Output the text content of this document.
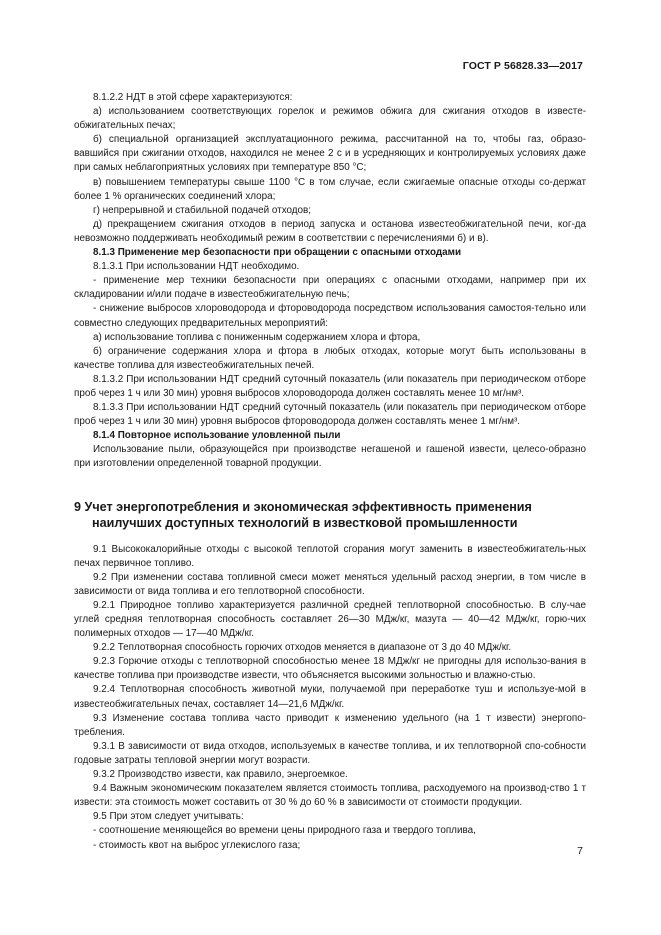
ГОСТ Р 56828.33—2017

8.1.2.2 НДТ в этой сфере характеризуются:

а) использованием соответствующих горелок и режимов обжига для сжигания отходов в известе-обжигательных печах;

б) специальной организацией эксплуатационного режима, рассчитанной на то, чтобы газ, образо-вавшийся при сжигании отходов, находился не менее 2 с и в усредняющих и контролируемых условиях даже при самых неблагоприятных условиях при температуре 850 °С;

в) повышением температуры свыше 1100 °С в том случае, если сжигаемые опасные отходы со-держат более 1 % органических соединений хлора;

г) непрерывной и стабильной подачей отходов;

д) прекращением сжигания отходов в период запуска и останова известеобжигательной печи, ког-да невозможно поддерживать необходимый режим в соответствии с перечислениями б) и в).

8.1.3 Применение мер безопасности при обращении с опасными отходами

8.1.3.1 При использовании НДТ необходимо.

- применение мер техники безопасности при операциях с опасными отходами, например при их складировании и/или подаче в известеобжигательную печь;

- снижение выбросов хлороводорода и фтороводорода посредством использования самостоя-тельно или совместно следующих предварительных мероприятий:

а) использование топлива с пониженным содержанием хлора и фтора,

б) ограничение содержания хлора и фтора в любых отходах, которые могут быть использованы в качестве топлива для известеобжигательных печей.

8.1.3.2 При использовании НДТ средний суточный показатель (или показатель при периодическом отборе проб через 1 ч или 30 мин) уровня выбросов хлороводорода должен составлять менее 10 мг/нм³.

8.1.3.3 При использовании НДТ средний суточный показатель (или показатель при периодическом отборе проб через 1 ч или 30 мин) уровня выбросов фтороводорода должен составлять менее 1 мг/нм³.

8.1.4 Повторное использование уловленной пыли

Использование пыли, образующейся при производстве негашеной и гашеной извести, целесо-образно при изготовлении определенной товарной продукции.

9 Учет энергопотребления и экономическая эффективность применения
наилучших доступных технологий в известковой промышленности

9.1 Высококалорийные отходы с высокой теплотой сгорания могут заменить в известеобжигатель-ных печах первичное топливо.

9.2 При изменении состава топливной смеси может меняться удельный расход энергии, в том числе в зависимости от вида топлива и его теплотворной способности.

9.2.1 Природное топливо характеризуется различной средней теплотворной способностью. В слу-чае углей средняя теплотворная способность составляет 26—30 МДж/кг, мазута — 40—42 МДж/кг, горю-чих полимерных отходов — 17—40 МДж/кг.

9.2.2 Теплотворная способность горючих отходов меняется в диапазоне от 3 до 40 МДж/кг.

9.2.3 Горючие отходы с теплотворной способностью менее 18 МДж/кг не пригодны для использо-вания в качестве топлива при производстве извести, что объясняется высокими зольностью и влажно-стью.

9.2.4 Теплотворная способность животной муки, получаемой при переработке туш и используе-мой в известеобжигательных печах, составляет 14—21,6 МДж/кг.

9.3 Изменение состава топлива часто приводит к изменению удельного (на 1 т извести) энергопо-требления.

9.3.1 В зависимости от вида отходов, используемых в качестве топлива, и их теплотворной спо-собности годовые затраты тепловой энергии могут возрасти.

9.3.2 Производство извести, как правило, энергоемкое.

9.4 Важным экономическим показателем является стоимость топлива, расходуемого на производ-ство 1 т извести: эта стоимость может составить от 30 % до 60 % в зависимости от стоимости продукции.

9.5 При этом следует учитывать:

- соотношение меняющейся во времени цены природного газа и твердого топлива,

- стоимость квот на выброс углекислого газа;	7
